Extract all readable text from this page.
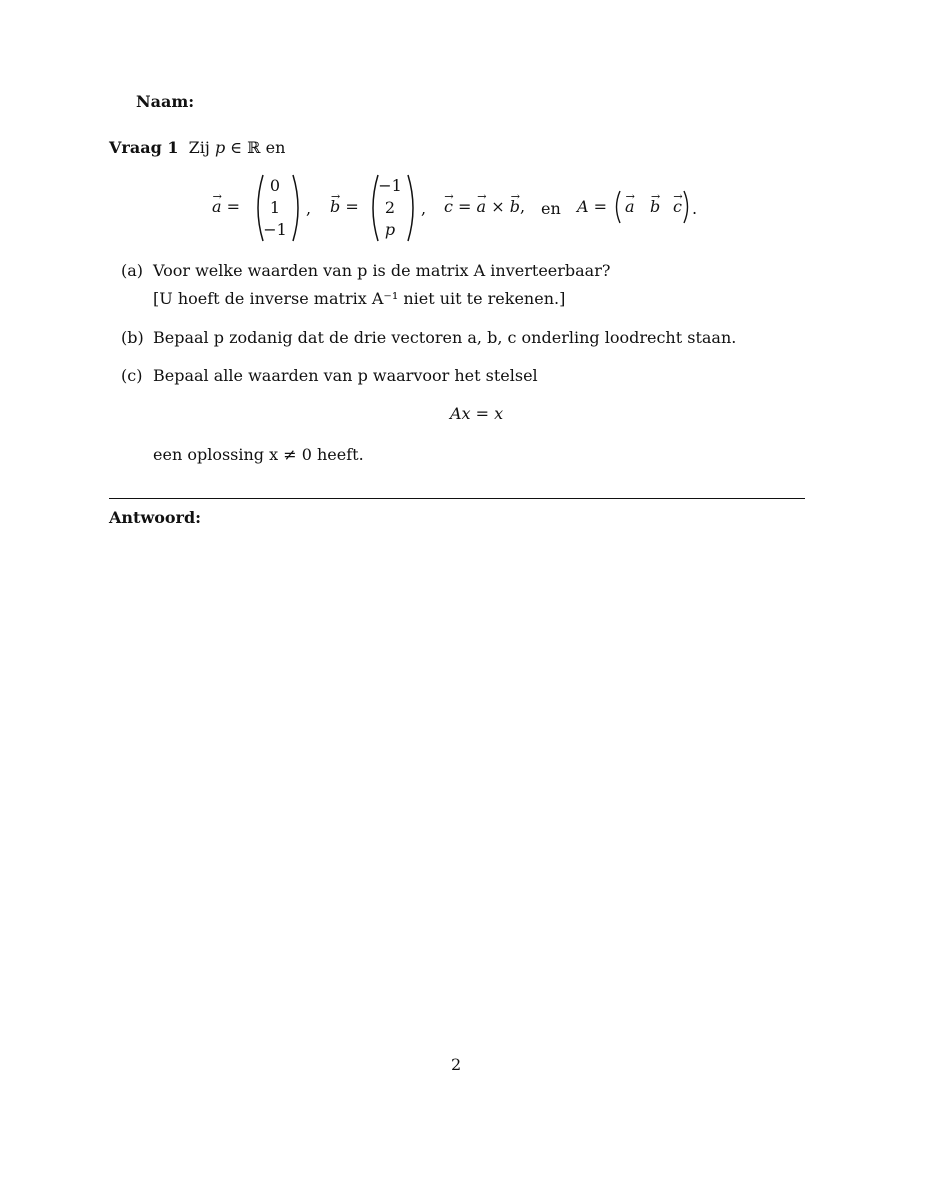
Naam:
Vraag 1 Zij p ∈ ℝ en
→ a =
0
1
−1
, → b =
−1
2
p
, → c = → a × → b, en A = → a → b → c .
(a) Voor welke waarden van p is de matrix A inverteerbaar?
[U hoeft de inverse matrix A⁻¹ niet uit te rekenen.]
(b) Bepaal p zodanig dat de drie vectoren a, b, c onderling loodrecht staan.
(c) Bepaal alle waarden van p waarvoor het stelsel
Ax = x
een oplossing x ≠ 0 heeft.
Antwoord:
2
